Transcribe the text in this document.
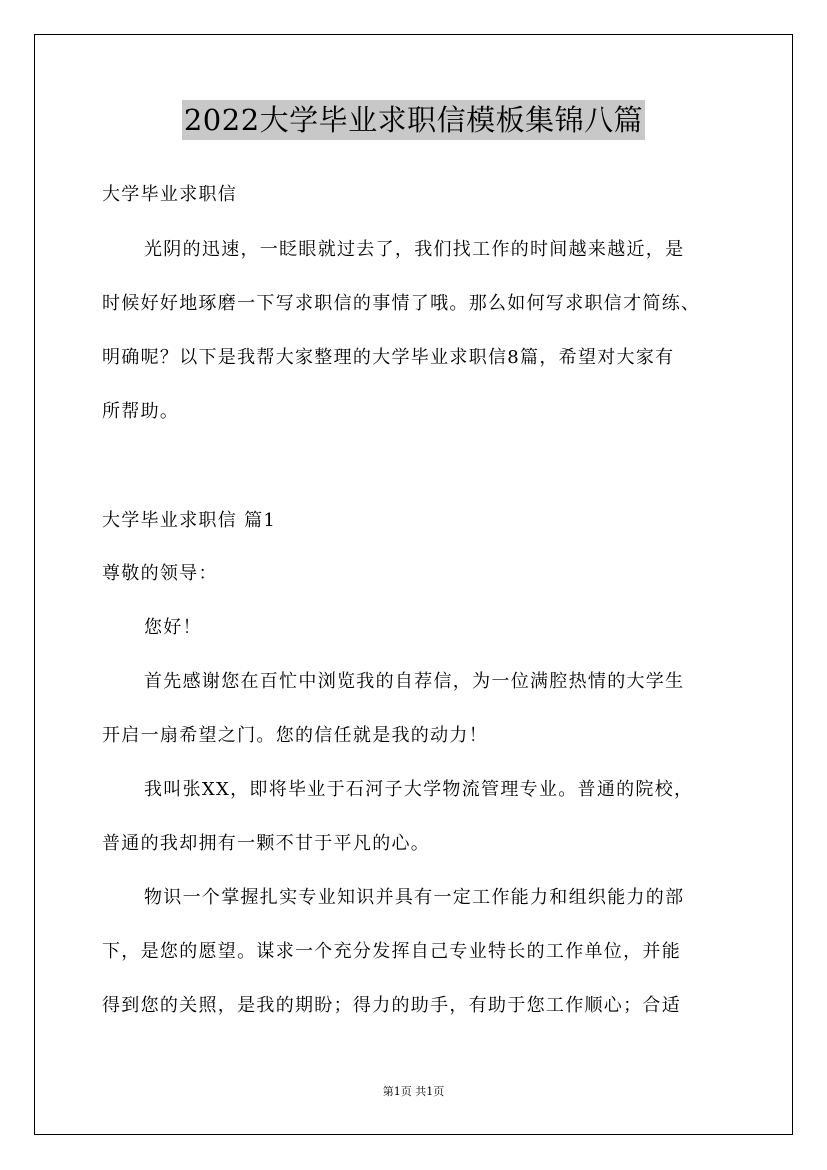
2022大学毕业求职信模板集锦八篇
大学毕业求职信
光阴的迅速，一眨眼就过去了，我们找工作的时间越来越近，是
时候好好地琢磨一下写求职信的事情了哦。那么如何写求职信才简练、
明确呢？以下是我帮大家整理的大学毕业求职信8篇，希望对大家有
所帮助。
大学毕业求职信 篇1
尊敬的领导：
您好！
首先感谢您在百忙中浏览我的自荐信，为一位满腔热情的大学生
开启一扇希望之门。您的信任就是我的动力！
我叫张XX，即将毕业于石河子大学物流管理专业。普通的院校，
普通的我却拥有一颗不甘于平凡的心。
物识一个掌握扎实专业知识并具有一定工作能力和组织能力的部
下，是您的愿望。谋求一个充分发挥自己专业特长的工作单位，并能
得到您的关照，是我的期盼；得力的助手，有助于您工作顺心；合适
第1页 共1页
